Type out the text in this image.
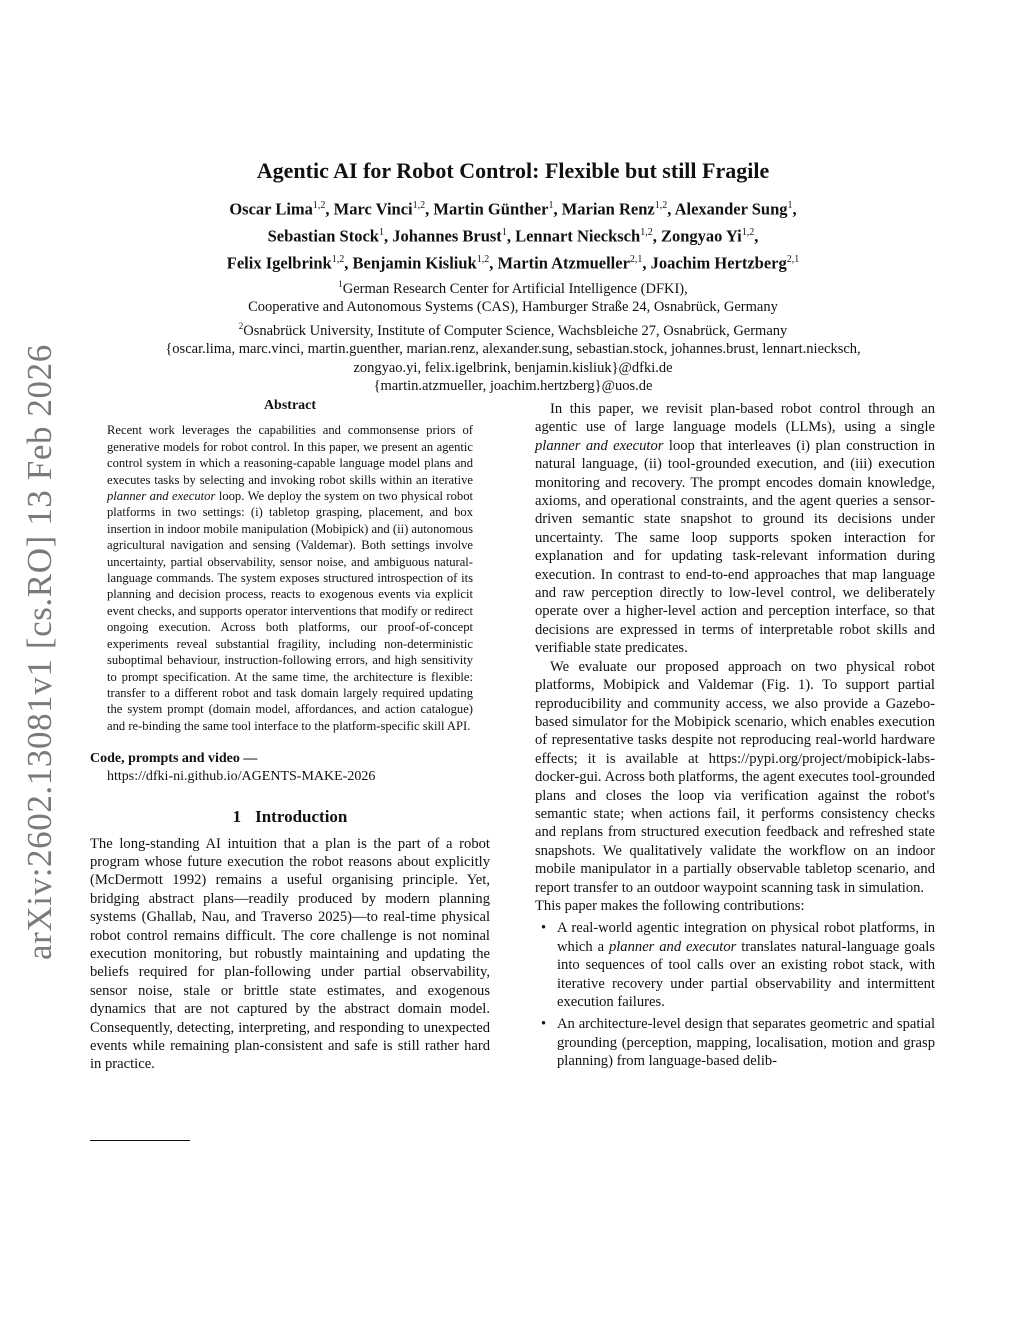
arXiv:2602.13081v1 [cs.RO] 13 Feb 2026
Agentic AI for Robot Control: Flexible but still Fragile
Oscar Lima$^{1,2}$, Marc Vinci$^{1,2}$, Martin Günther$^1$, Marian Renz$^{1,2}$, Alexander Sung$^1$,
Sebastian Stock$^1$, Johannes Brust$^1$, Lennart Niecksch$^{1,2}$, Zongyao Yi$^{1,2}$,
Felix Igelbrink$^{1,2}$, Benjamin Kisliuk$^{1,2}$, Martin Atzmueller$^{2,1}$, Joachim Hertzberg$^{2,1}$
$^1$German Research Center for Artificial Intelligence (DFKI),
Cooperative and Autonomous Systems (CAS), Hamburger Straße 24, Osnabrück, Germany
$^2$Osnabrück University, Institute of Computer Science, Wachsbleiche 27, Osnabrück, Germany
{oscar.lima, marc.vinci, martin.guenther, marian.renz, alexander.sung, sebastian.stock, johannes.brust, lennart.niecksch,
zongyao.yi, felix.igelbrink, benjamin.kisliuk}@dfki.de
{martin.atzmueller, joachim.hertzberg}@uos.de
Abstract

Recent work leverages the capabilities and commonsense priors of generative models for robot control. In this paper, we present an agentic control system in which a reasoning-capable language model plans and executes tasks by selecting and invoking robot skills within an iterative planner and executor loop. We deploy the system on two physical robot platforms in two settings: (i) tabletop grasping, placement, and box insertion in indoor mobile manipulation (Mobipick) and (ii) autonomous agricultural navigation and sensing (Valdemar). Both settings involve uncertainty, partial observability, sensor noise, and ambiguous natural-language commands. The system exposes structured introspection of its planning and decision process, reacts to exogenous events via explicit event checks, and supports operator interventions that modify or redirect ongoing execution. Across both platforms, our proof-of-concept experiments reveal substantial fragility, including non-deterministic suboptimal behaviour, instruction-following errors, and high sensitivity to prompt specification. At the same time, the architecture is flexible: transfer to a different robot and task domain largely required updating the system prompt (domain model, affordances, and action catalogue) and re-binding the same tool interface to the platform-specific skill API.

Code, prompts and video —
https://dfki-ni.github.io/AGENTS-MAKE-2026
1 Introduction

The long-standing AI intuition that a plan is the part of a robot program whose future execution the robot reasons about explicitly (McDermott 1992) remains a useful organising principle. Yet, bridging abstract plans—readily produced by modern planning systems (Ghallab, Nau, and Traverso 2025)—to real-time physical robot control remains difficult. The core challenge is not nominal execution monitoring, but robustly maintaining and updating the beliefs required for plan-following under partial observability, sensor noise, stale or brittle state estimates, and exogenous dynamics that are not captured by the abstract domain model. Consequently, detecting, interpreting, and responding to unexpected events while remaining plan-consistent and safe is still rather hard in practice.

In this paper, we revisit plan-based robot control through an agentic use of large language models (LLMs), using a single planner and executor loop that interleaves (i) plan construction in natural language, (ii) tool-grounded execution, and (iii) execution monitoring and recovery. The prompt encodes domain knowledge, axioms, and operational constraints, and the agent queries a sensor-driven semantic state snapshot to ground its decisions under uncertainty. The same loop supports spoken interaction for explanation and for updating task-relevant information during execution. In contrast to end-to-end approaches that map language and raw perception directly to low-level control, we deliberately operate over a higher-level action and perception interface, so that decisions are expressed in terms of interpretable robot skills and verifiable state predicates.

We evaluate our proposed approach on two physical robot platforms, Mobipick and Valdemar (Fig. 1). To support partial reproducibility and community access, we also provide a Gazebo-based simulator for the Mobipick scenario, which enables execution of representative tasks despite not reproducing real-world hardware effects; it is available at https://pypi.org/project/mobipick-labs-docker-gui. Across both platforms, the agent executes tool-grounded plans and closes the loop via verification against the robot's semantic state; when actions fail, it performs consistency checks and replans from structured execution feedback and refreshed state snapshots. We qualitatively validate the workflow on an indoor mobile manipulator in a partially observable tabletop scenario, and report transfer to an outdoor waypoint scanning task in simulation.

This paper makes the following contributions:

• A real-world agentic integration on physical robot platforms, in which a planner and executor translates natural-language goals into sequences of tool calls over an existing robot stack, with iterative recovery under partial observability and intermittent execution failures.
• An architecture-level design that separates geometric and spatial grounding (perception, mapping, localisation, motion and grasp planning) from language-based delib-
